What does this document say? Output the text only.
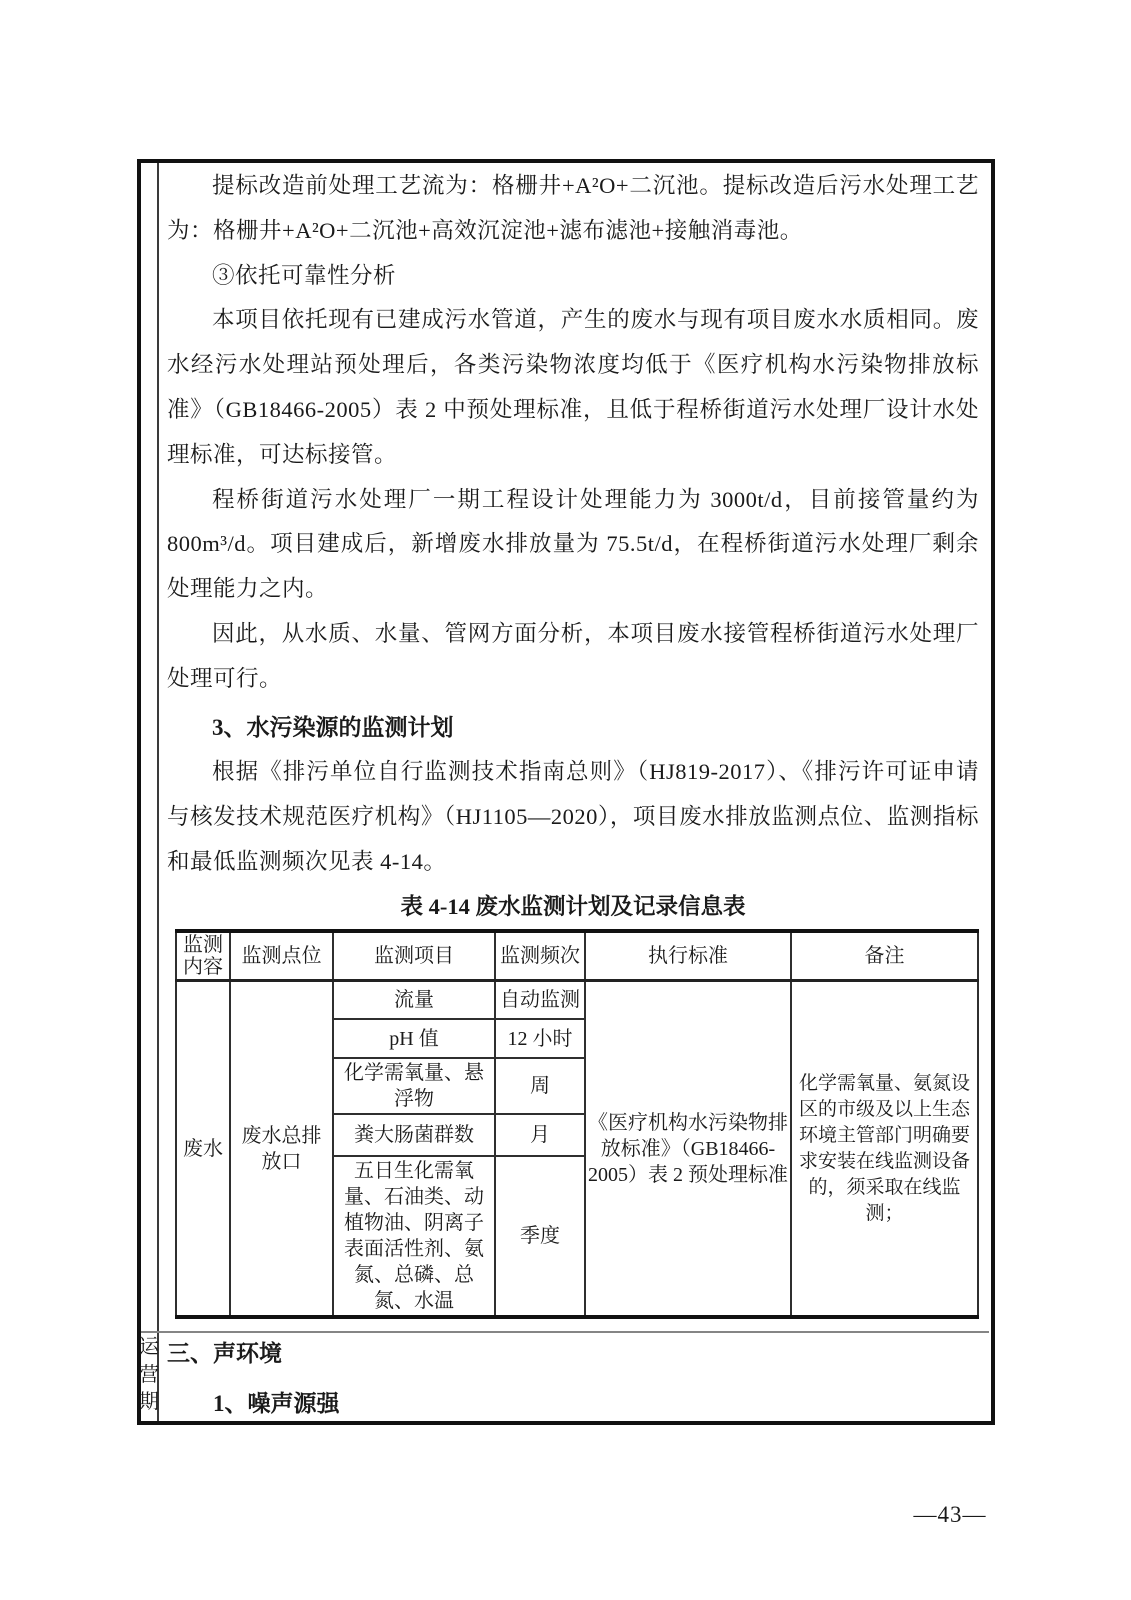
提标改造前处理工艺流为：格栅井+A²O+二沉池。提标改造后污水处理工艺为：格栅井+A²O+二沉池+高效沉淀池+滤布滤池+接触消毒池。

③依托可靠性分析

本项目依托现有已建成污水管道，产生的废水与现有项目废水水质相同。废水经污水处理站预处理后，各类污染物浓度均低于《医疗机构水污染物排放标准》（GB18466-2005）表 2 中预处理标准，且低于程桥街道污水处理厂设计水处理标准，可达标接管。

程桥街道污水处理厂一期工程设计处理能力为 3000t/d，目前接管量约为 800m³/d。项目建成后，新增废水排放量为 75.5t/d，在程桥街道污水处理厂剩余处理能力之内。

因此，从水质、水量、管网方面分析，本项目废水接管程桥街道污水处理厂处理可行。

3、水污染源的监测计划

根据《排污单位自行监测技术指南总则》（HJ819-2017）、《排污许可证申请与核发技术规范医疗机构》（HJ1105—2020），项目废水排放监测点位、监测指标和最低监测频次见表 4-14。

表 4-14 废水监测计划及记录信息表
监测内容	监测点位	监测项目	监测频次	执行标准	备注
废水	废水总排放口	流量	自动监测	《医疗机构水污染物排放标准》（GB18466-2005）表 2 预处理标准	化学需氧量、氨氮设区的市级及以上生态环境主管部门明确要求安装在线监测设备的，须采取在线监测；
		pH 值	12 小时		
		化学需氧量、悬浮物	周		
		粪大肠菌群数	月		
		五日生化需氧量、石油类、动植物油、阴离子表面活性剂、氨氮、总磷、总氮、水温	季度		
运营期

三、声环境

1、噪声源强

—43—
